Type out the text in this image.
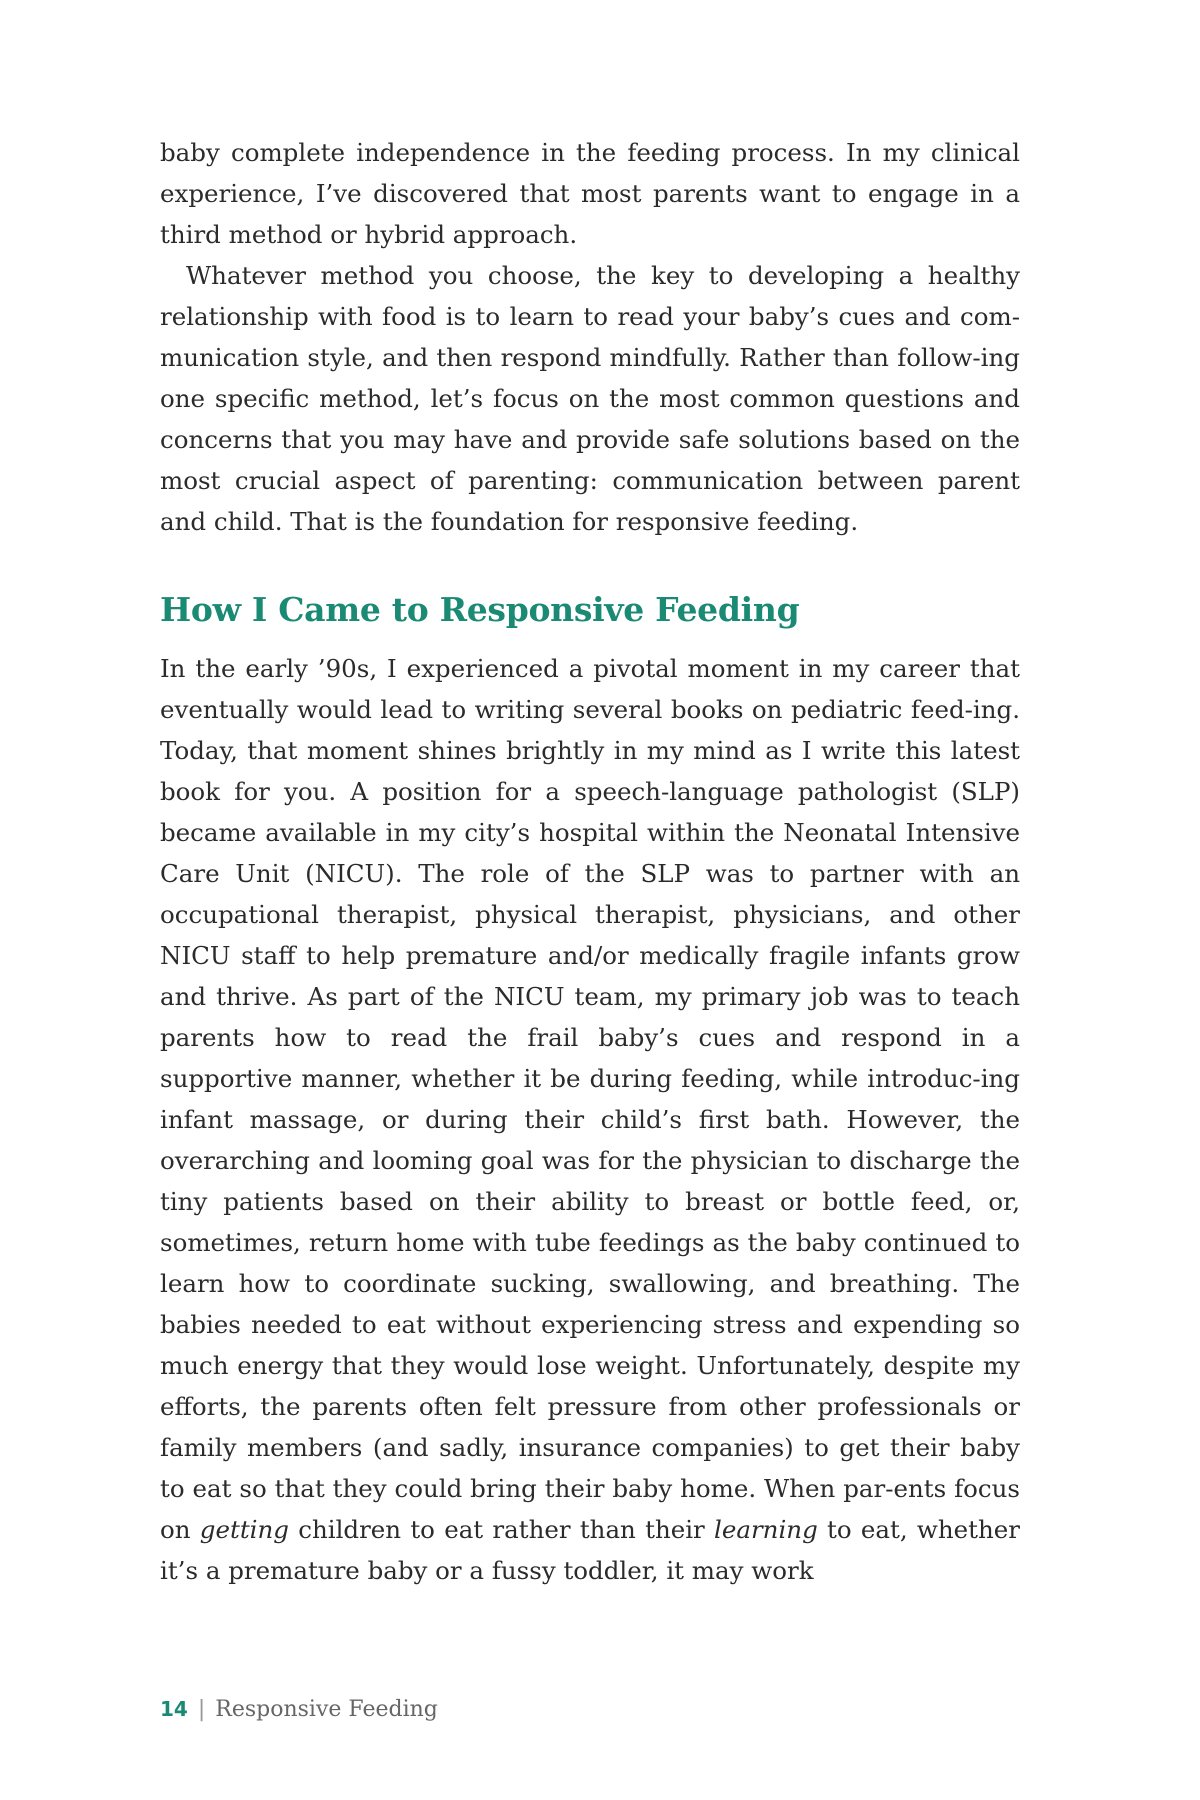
baby complete independence in the feeding process. In my clinical experience, I’ve discovered that most parents want to engage in a third method or hybrid approach.

Whatever method you choose, the key to developing a healthy relationship with food is to learn to read your baby’s cues and com-munication style, and then respond mindfully. Rather than follow-ing one specific method, let’s focus on the most common questions and concerns that you may have and provide safe solutions based on the most crucial aspect of parenting: communication between parent and child. That is the foundation for responsive feeding.

How I Came to Responsive Feeding

In the early ’90s, I experienced a pivotal moment in my career that eventually would lead to writing several books on pediatric feed-ing. Today, that moment shines brightly in my mind as I write this latest book for you. A position for a speech-language pathologist (SLP) became available in my city’s hospital within the Neonatal Intensive Care Unit (NICU). The role of the SLP was to partner with an occupational therapist, physical therapist, physicians, and other NICU staff to help premature and/or medically fragile infants grow and thrive. As part of the NICU team, my primary job was to teach parents how to read the frail baby’s cues and respond in a supportive manner, whether it be during feeding, while introduc-ing infant massage, or during their child’s first bath. However, the overarching and looming goal was for the physician to discharge the tiny patients based on their ability to breast or bottle feed, or, sometimes, return home with tube feedings as the baby continued to learn how to coordinate sucking, swallowing, and breathing. The babies needed to eat without experiencing stress and expending so much energy that they would lose weight. Unfortunately, despite my efforts, the parents often felt pressure from other professionals or family members (and sadly, insurance companies) to get their baby to eat so that they could bring their baby home. When par-ents focus on getting children to eat rather than their learning to eat, whether it’s a premature baby or a fussy toddler, it may work

14 | Responsive Feeding
